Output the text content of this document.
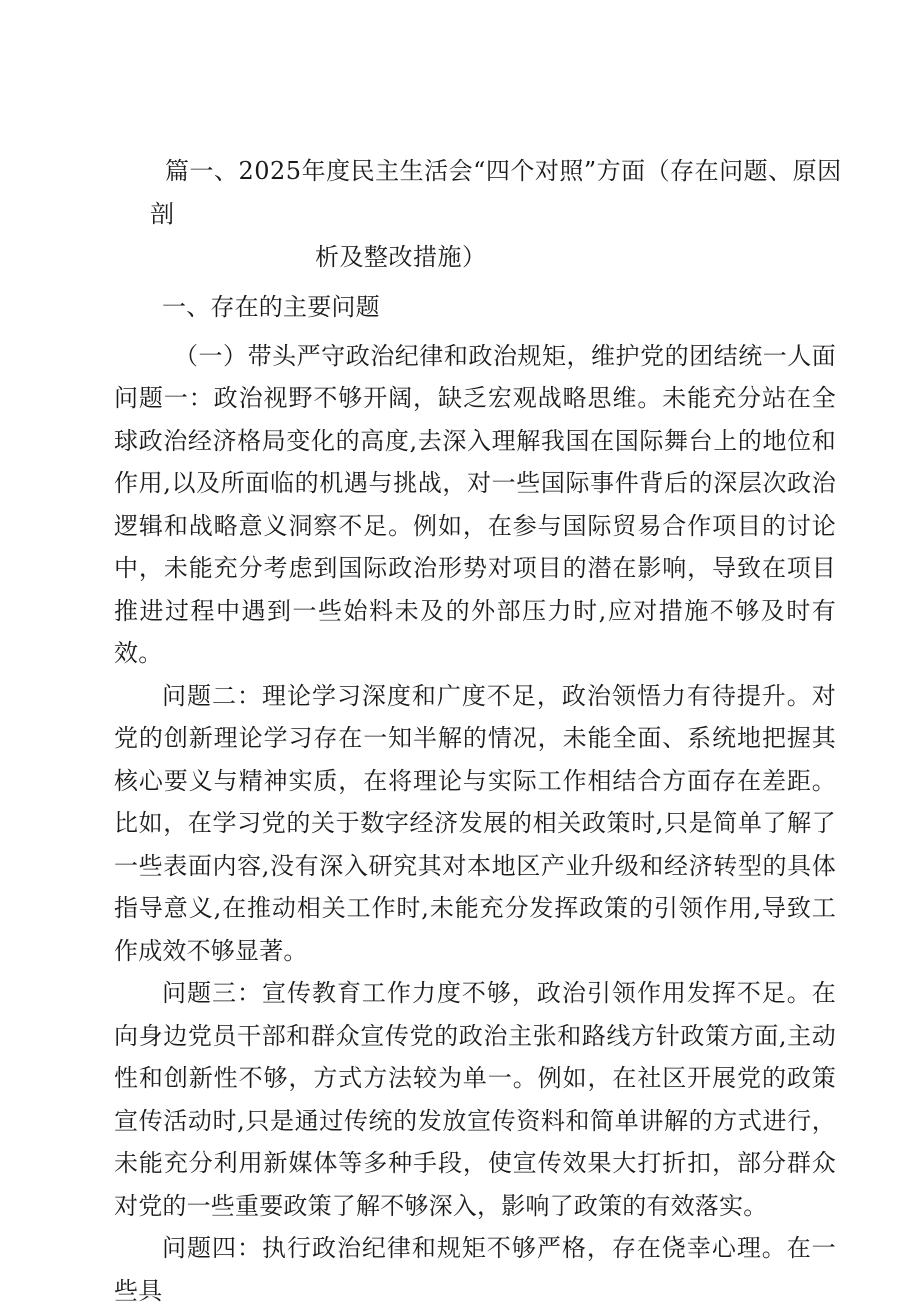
篇一、2025年度民主生活会“四个对照”方面（存在问题、原因剖
析及整改措施）

一、存在的主要问题

（一）带头严守政治纪律和政治规矩，维护党的团结统一人面问题一：政治视野不够开阔，缺乏宏观战略思维。未能充分站在全球政治经济格局变化的高度,去深入理解我国在国际舞台上的地位和作用,以及所面临的机遇与挑战，对一些国际事件背后的深层次政治逻辑和战略意义洞察不足。例如，在参与国际贸易合作项目的讨论中，未能充分考虑到国际政治形势对项目的潜在影响，导致在项目推进过程中遇到一些始料未及的外部压力时,应对措施不够及时有效。

问题二：理论学习深度和广度不足，政治领悟力有待提升。对党的创新理论学习存在一知半解的情况，未能全面、系统地把握其核心要义与精神实质，在将理论与实际工作相结合方面存在差距。比如，在学习党的关于数字经济发展的相关政策时,只是简单了解了一些表面内容,没有深入研究其对本地区产业升级和经济转型的具体指导意义,在推动相关工作时,未能充分发挥政策的引领作用,导致工作成效不够显著。

问题三：宣传教育工作力度不够，政治引领作用发挥不足。在向身边党员干部和群众宣传党的政治主张和路线方针政策方面,主动性和创新性不够，方式方法较为单一。例如，在社区开展党的政策宣传活动时,只是通过传统的发放宣传资料和简单讲解的方式进行，未能充分利用新媒体等多种手段，使宣传效果大打折扣，部分群众对党的一些重要政策了解不够深入，影响了政策的有效落实。

问题四：执行政治纪律和规矩不够严格，存在侥幸心理。在一些具
